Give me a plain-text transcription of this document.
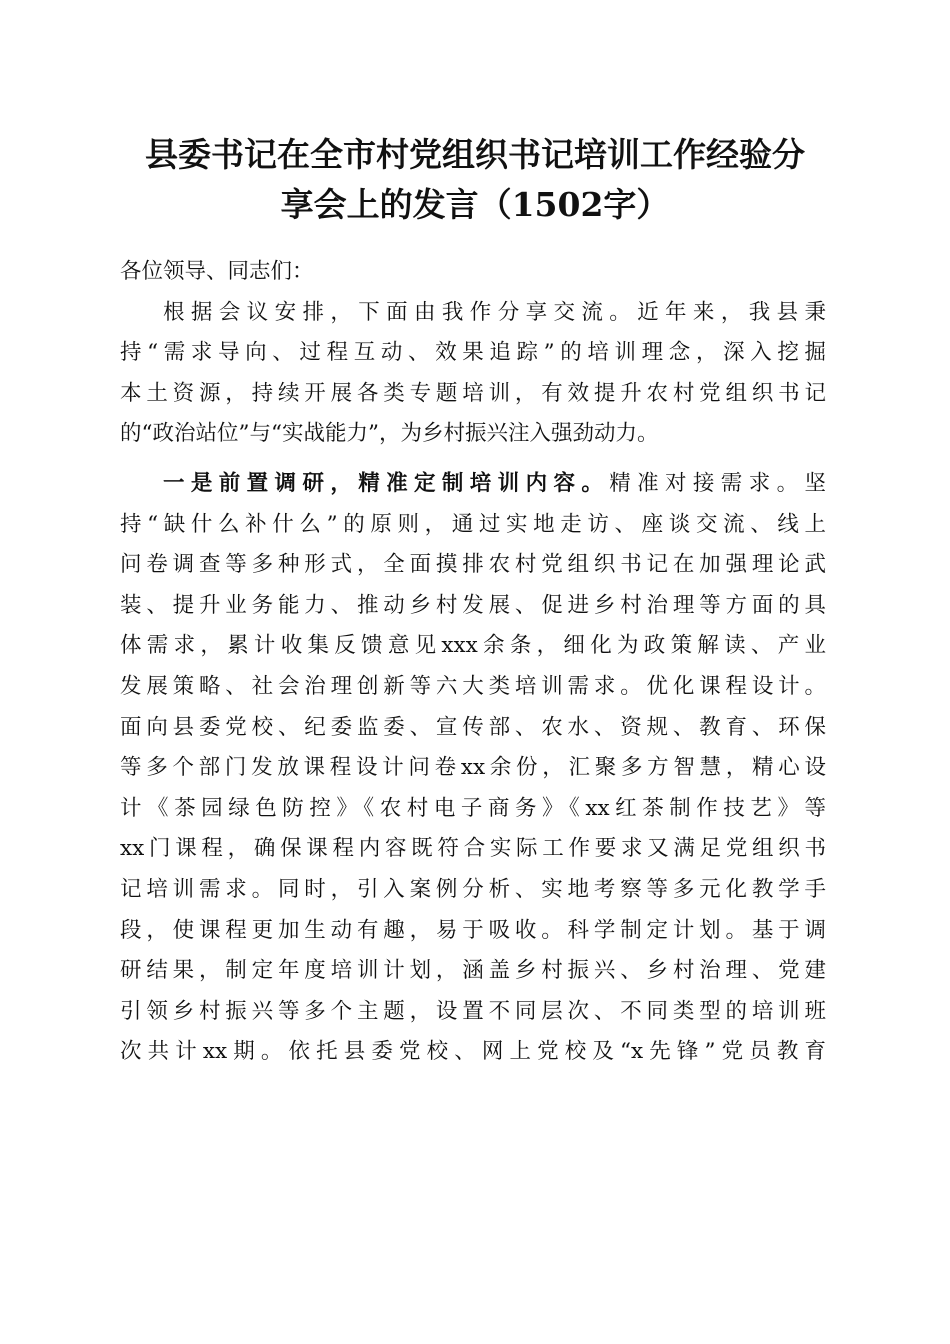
县委书记在全市村党组织书记培训工作经验分
享会上的发言（1502字）
各位领导、同志们：
根据会议安排，下面由我作分享交流。近年来，我县秉
持“需求导向、过程互动、效果追踪”的培训理念，深入挖掘
本土资源，持续开展各类专题培训，有效提升农村党组织书记
的“政治站位”与“实战能力”，为乡村振兴注入强劲动力。
一是前置调研，精准定制培训内容。精准对接需求。坚
持“缺什么补什么”的原则，通过实地走访、座谈交流、线上
问卷调查等多种形式，全面摸排农村党组织书记在加强理论武
装、提升业务能力、推动乡村发展、促进乡村治理等方面的具
体需求，累计收集反馈意见xxx余条，细化为政策解读、产业
发展策略、社会治理创新等六大类培训需求。优化课程设计。
面向县委党校、纪委监委、宣传部、农水、资规、教育、环保
等多个部门发放课程设计问卷xx余份，汇聚多方智慧，精心设
计《茶园绿色防控》《农村电子商务》《xx红茶制作技艺》等
xx门课程，确保课程内容既符合实际工作要求又满足党组织书
记培训需求。同时，引入案例分析、实地考察等多元化教学手
段，使课程更加生动有趣，易于吸收。科学制定计划。基于调
研结果，制定年度培训计划，涵盖乡村振兴、乡村治理、党建
引领乡村振兴等多个主题，设置不同层次、不同类型的培训班
次共计xx期。依托县委党校、网上党校及“x先锋”党员教育
